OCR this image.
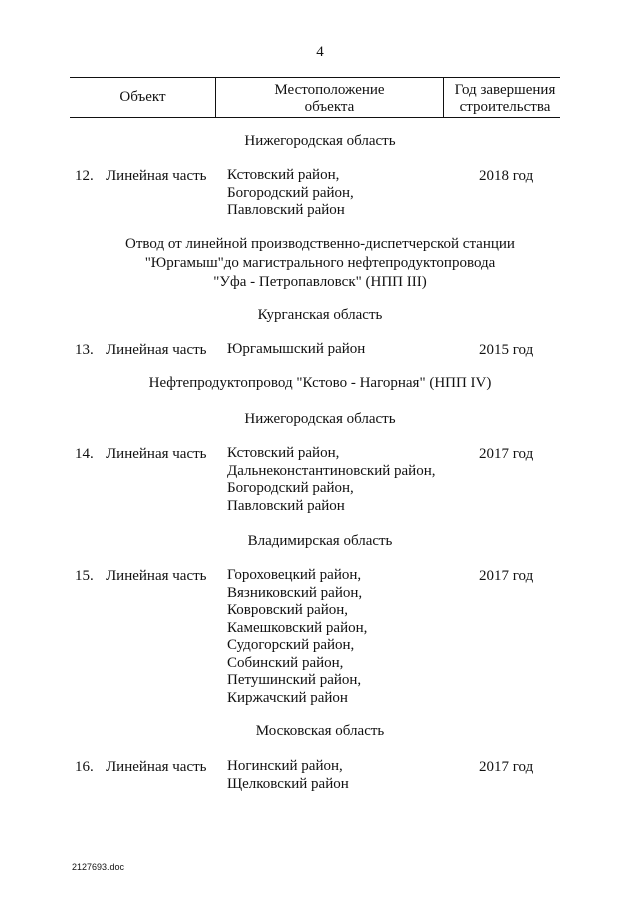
4
Объект	Местоположение
объекта
Год завершения
строительства
Нижегородская область
12. Линейная часть Кстовский район,
Богородский район,
Павловский район
2018 год
Отвод от линейной производственно-диспетчерской станции
"Юргамыш"до магистрального нефтепродуктопровода
"Уфа - Петропавловск" (НПП III)
Курганская область
13. Линейная часть Юргамышский район	2015 год
Нефтепродуктопровод "Кстово - Нагорная" (НПП IV)
Нижегородская область
14. Линейная часть Кстовский район,
Дальнеконстантиновский район,
Богородский район,
Павловский район
2017 год
Владимирская область
15. Линейная часть Гороховецкий район,
Вязниковский район,
Ковровский район,
Камешковский район,
Судогорский район,
Собинский район,
Петушинский район,
Киржачский район
2017 год
Московская область
16. Линейная часть Ногинский район,
Щелковский район
2017 год
2127693.doc
